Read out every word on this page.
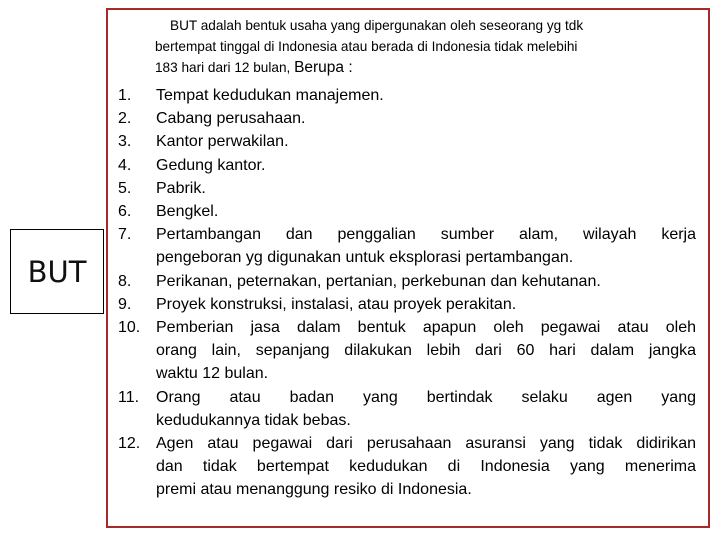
BUT
BUT adalah bentuk usaha yang dipergunakan oleh seseorang yg tdk
bertempat tinggal di Indonesia atau berada di Indonesia tidak melebihi
183 hari dari 12 bulan, Berupa :
1. Tempat kedudukan manajemen.
2. Cabang perusahaan.
3. Kantor perwakilan.
4. Gedung kantor.
5. Pabrik.
6. Bengkel.
7. Pertambangan dan penggalian sumber alam, wilayah kerja
pengeboran yg digunakan untuk eksplorasi pertambangan.
8. Perikanan, peternakan, pertanian, perkebunan dan kehutanan.
9. Proyek konstruksi, instalasi, atau proyek perakitan.
10. Pemberian jasa dalam bentuk apapun oleh pegawai atau oleh
orang lain, sepanjang dilakukan lebih dari 60 hari dalam jangka
waktu 12 bulan.
11. Orang atau badan yang bertindak selaku agen yang
kedudukannya tidak bebas.
12. Agen atau pegawai dari perusahaan asuransi yang tidak didirikan
dan tidak bertempat kedudukan di Indonesia yang menerima
premi atau menanggung resiko di Indonesia.
